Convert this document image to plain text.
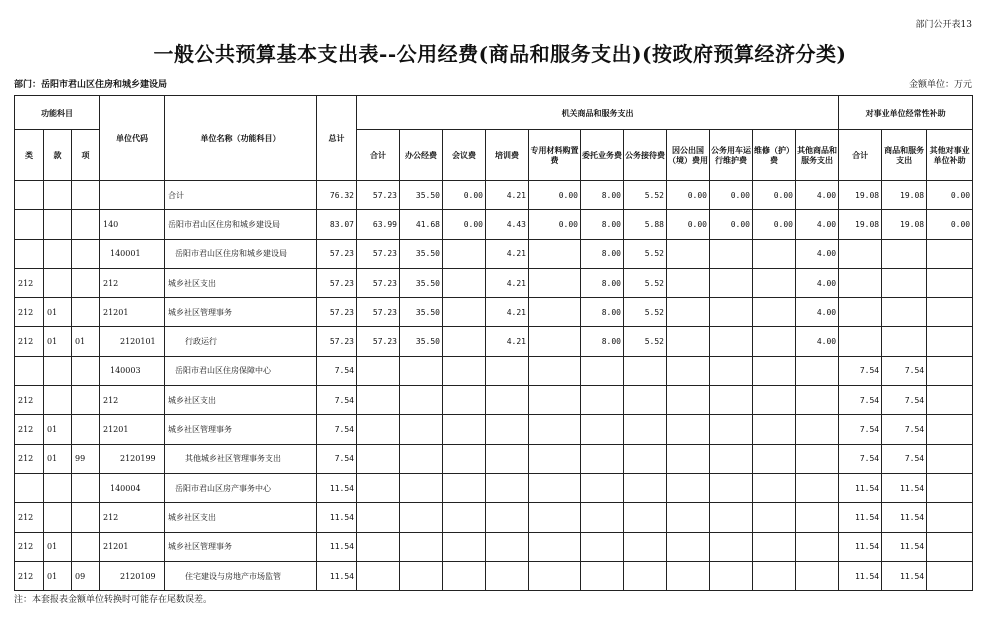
部门公开表13
一般公共预算基本支出表--公用经费(商品和服务支出)(按政府预算经济分类)
部门：岳阳市君山区住房和城乡建设局	金额单位：万元
功能科目			单位代码	单位名称（功能科目）	总计	机关商品和服务支出											对事业单位经常性补助		
类	款	项				合计	办公经费	会议费	培训费	专用材料购置费	委托业务费	公务接待费	因公出国（境）费用	公务用车运行维护费	维修（护）费	其他商品和服务支出	合计	商品和服务支出	其他对事业单位补助
				合计	76.32	57.23	35.50	0.00	4.21	0.00	8.00	5.52	0.00	0.00	0.00	4.00	19.08	19.08	0.00
			140	岳阳市君山区住房和城乡建设局	83.07	63.99	41.68	0.00	4.43	0.00	8.00	5.88	0.00	0.00	0.00	4.00	19.08	19.08	0.00
			140001	岳阳市君山区住房和城乡建设局	57.23	57.23	35.50		4.21		8.00	5.52				4.00			
212			212	城乡社区支出	57.23	57.23	35.50		4.21		8.00	5.52				4.00			
212	01		21201	城乡社区管理事务	57.23	57.23	35.50		4.21		8.00	5.52				4.00			
212	01	01	2120101	行政运行	57.23	57.23	35.50		4.21		8.00	5.52				4.00			
			140003	岳阳市君山区住房保障中心	7.54												7.54	7.54	
212			212	城乡社区支出	7.54												7.54	7.54	
212	01		21201	城乡社区管理事务	7.54												7.54	7.54	
212	01	99	2120199	其他城乡社区管理事务支出	7.54												7.54	7.54	
			140004	岳阳市君山区房产事务中心	11.54												11.54	11.54	
212			212	城乡社区支出	11.54												11.54	11.54	
212	01		21201	城乡社区管理事务	11.54												11.54	11.54	
212	01	09	2120109	住宅建设与房地产市场监管	11.54												11.54	11.54	
注：本套报表金额单位转换时可能存在尾数误差。
